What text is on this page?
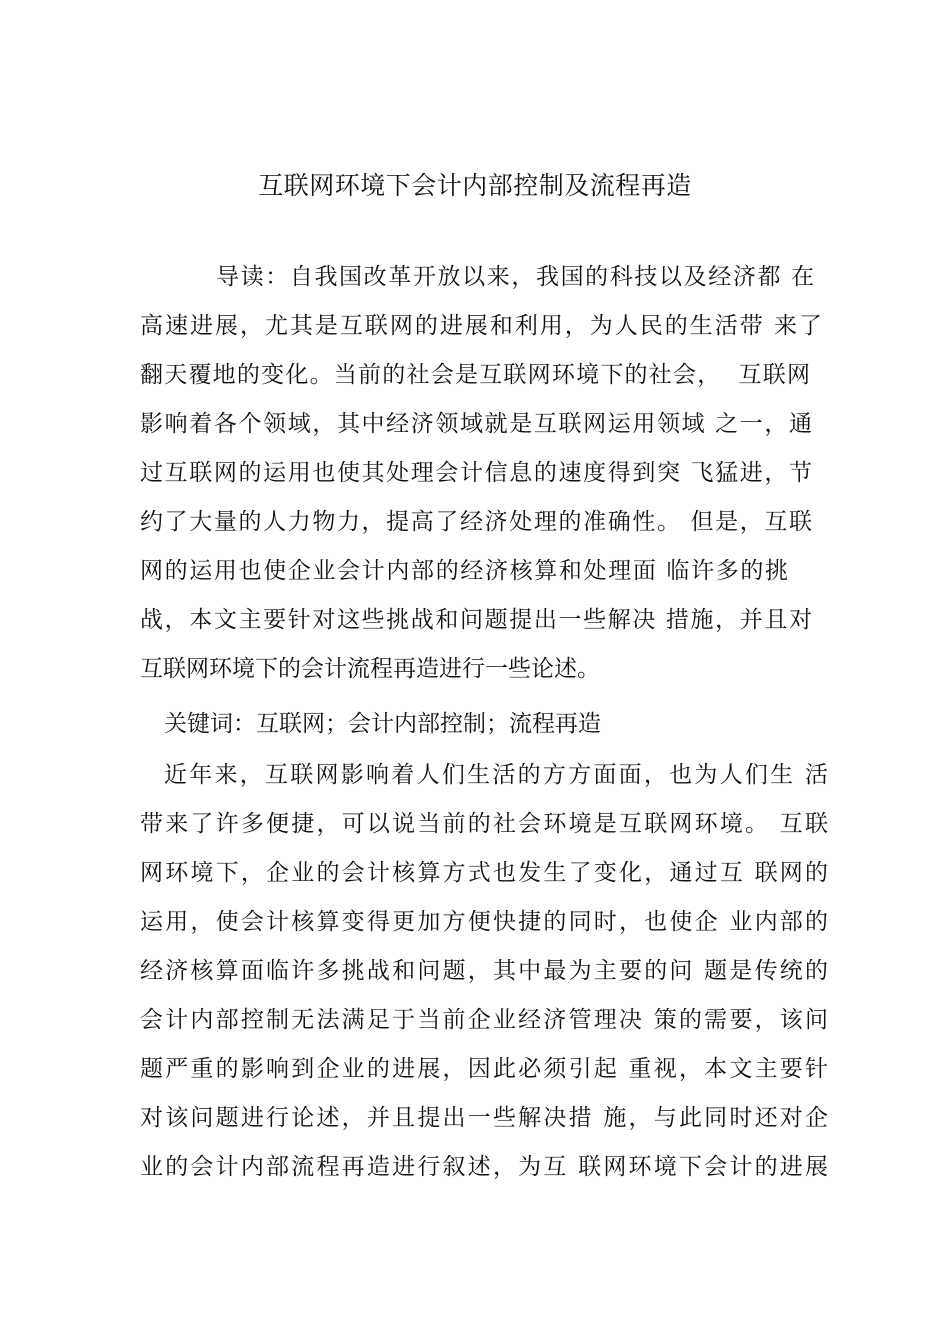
互联网环境下会计内部控制及流程再造
导读：自我国改革开放以来，我国的科技以及经济都 在
高速进展，尤其是互联网的进展和利用，为人民的生活带 来了
翻天覆地的变化。当前的社会是互联网环境下的社会，  互联网
影响着各个领域，其中经济领域就是互联网运用领域 之一，通
过互联网的运用也使其处理会计信息的速度得到突 飞猛进，节
约了大量的人力物力，提高了经济处理的准确性。 但是，互联
网的运用也使企业会计内部的经济核算和处理面 临许多的挑
战，本文主要针对这些挑战和问题提出一些解决 措施，并且对
互联网环境下的会计流程再造进行一些论述。
关键词：互联网；会计内部控制；流程再造
近年来，互联网影响着人们生活的方方面面，也为人们生 活
带来了许多便捷，可以说当前的社会环境是互联网环境。 互联
网环境下，企业的会计核算方式也发生了变化，通过互 联网的
运用，使会计核算变得更加方便快捷的同时，也使企 业内部的
经济核算面临许多挑战和问题，其中最为主要的问 题是传统的
会计内部控制无法满足于当前企业经济管理决 策的需要，该问
题严重的影响到企业的进展，因此必须引起 重视，本文主要针
对该问题进行论述，并且提出一些解决措 施，与此同时还对企
业的会计内部流程再造进行叙述，为互 联网环境下会计的进展
